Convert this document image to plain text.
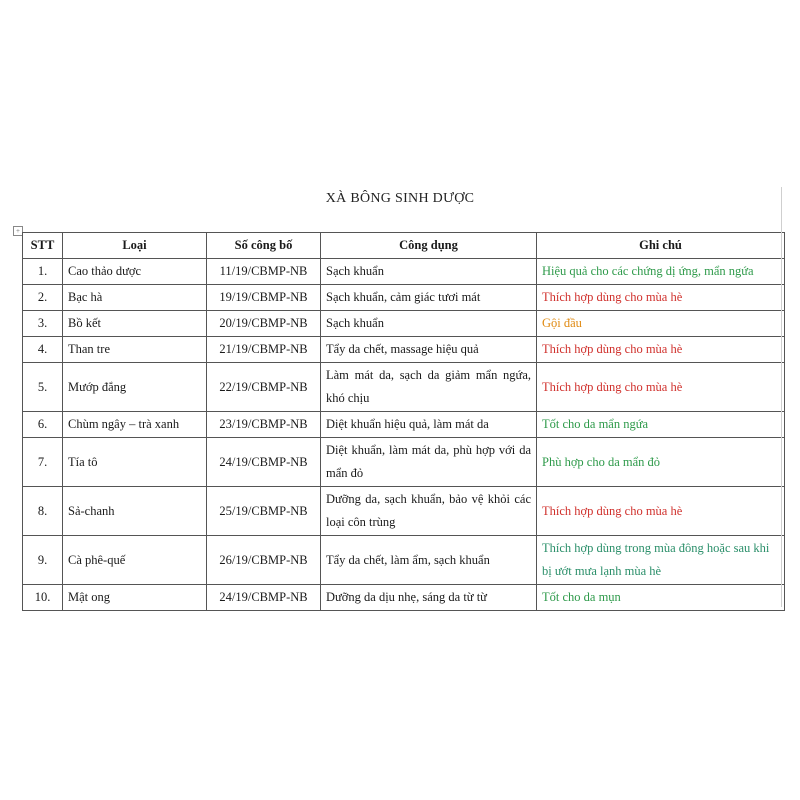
XÀ BÔNG SINH DƯỢC
+
STT	Loại	Số công bố	Công dụng	Ghi chú
1.	Cao thảo dược	11/19/CBMP-NB	Sạch khuẩn	Hiệu quả cho các chứng dị ứng, mẩn ngứa
2.	Bạc hà	19/19/CBMP-NB	Sạch khuẩn, cảm giác tươi mát	Thích hợp dùng cho mùa hè
3.	Bồ kết	20/19/CBMP-NB	Sạch khuẩn	Gội đầu
4.	Than tre	21/19/CBMP-NB	Tẩy da chết, massage hiệu quả	Thích hợp dùng cho mùa hè
5.	Mướp đắng	22/19/CBMP-NB	Làm mát da, sạch da giảm mẩn ngứa, khó chịu	Thích hợp dùng cho mùa hè
6.	Chùm ngây – trà xanh	23/19/CBMP-NB	Diệt khuẩn hiệu quả, làm mát da	Tốt cho da mẩn ngứa
7.	Tía tô	24/19/CBMP-NB	Diệt khuẩn, làm mát da, phù hợp với da mẩn đỏ	Phù hợp cho da mẩn đỏ
8.	Sả-chanh	25/19/CBMP-NB	Dưỡng da, sạch khuẩn, bảo vệ khỏi các loại côn trùng	Thích hợp dùng cho mùa hè
9.	Cà phê-quế	26/19/CBMP-NB	Tẩy da chết, làm ẩm, sạch khuẩn	Thích hợp dùng trong mùa đông hoặc sau khi bị ướt mưa lạnh mùa hè
10.	Mật ong	24/19/CBMP-NB	Dưỡng da dịu nhẹ, sáng da từ từ	Tốt cho da mụn
